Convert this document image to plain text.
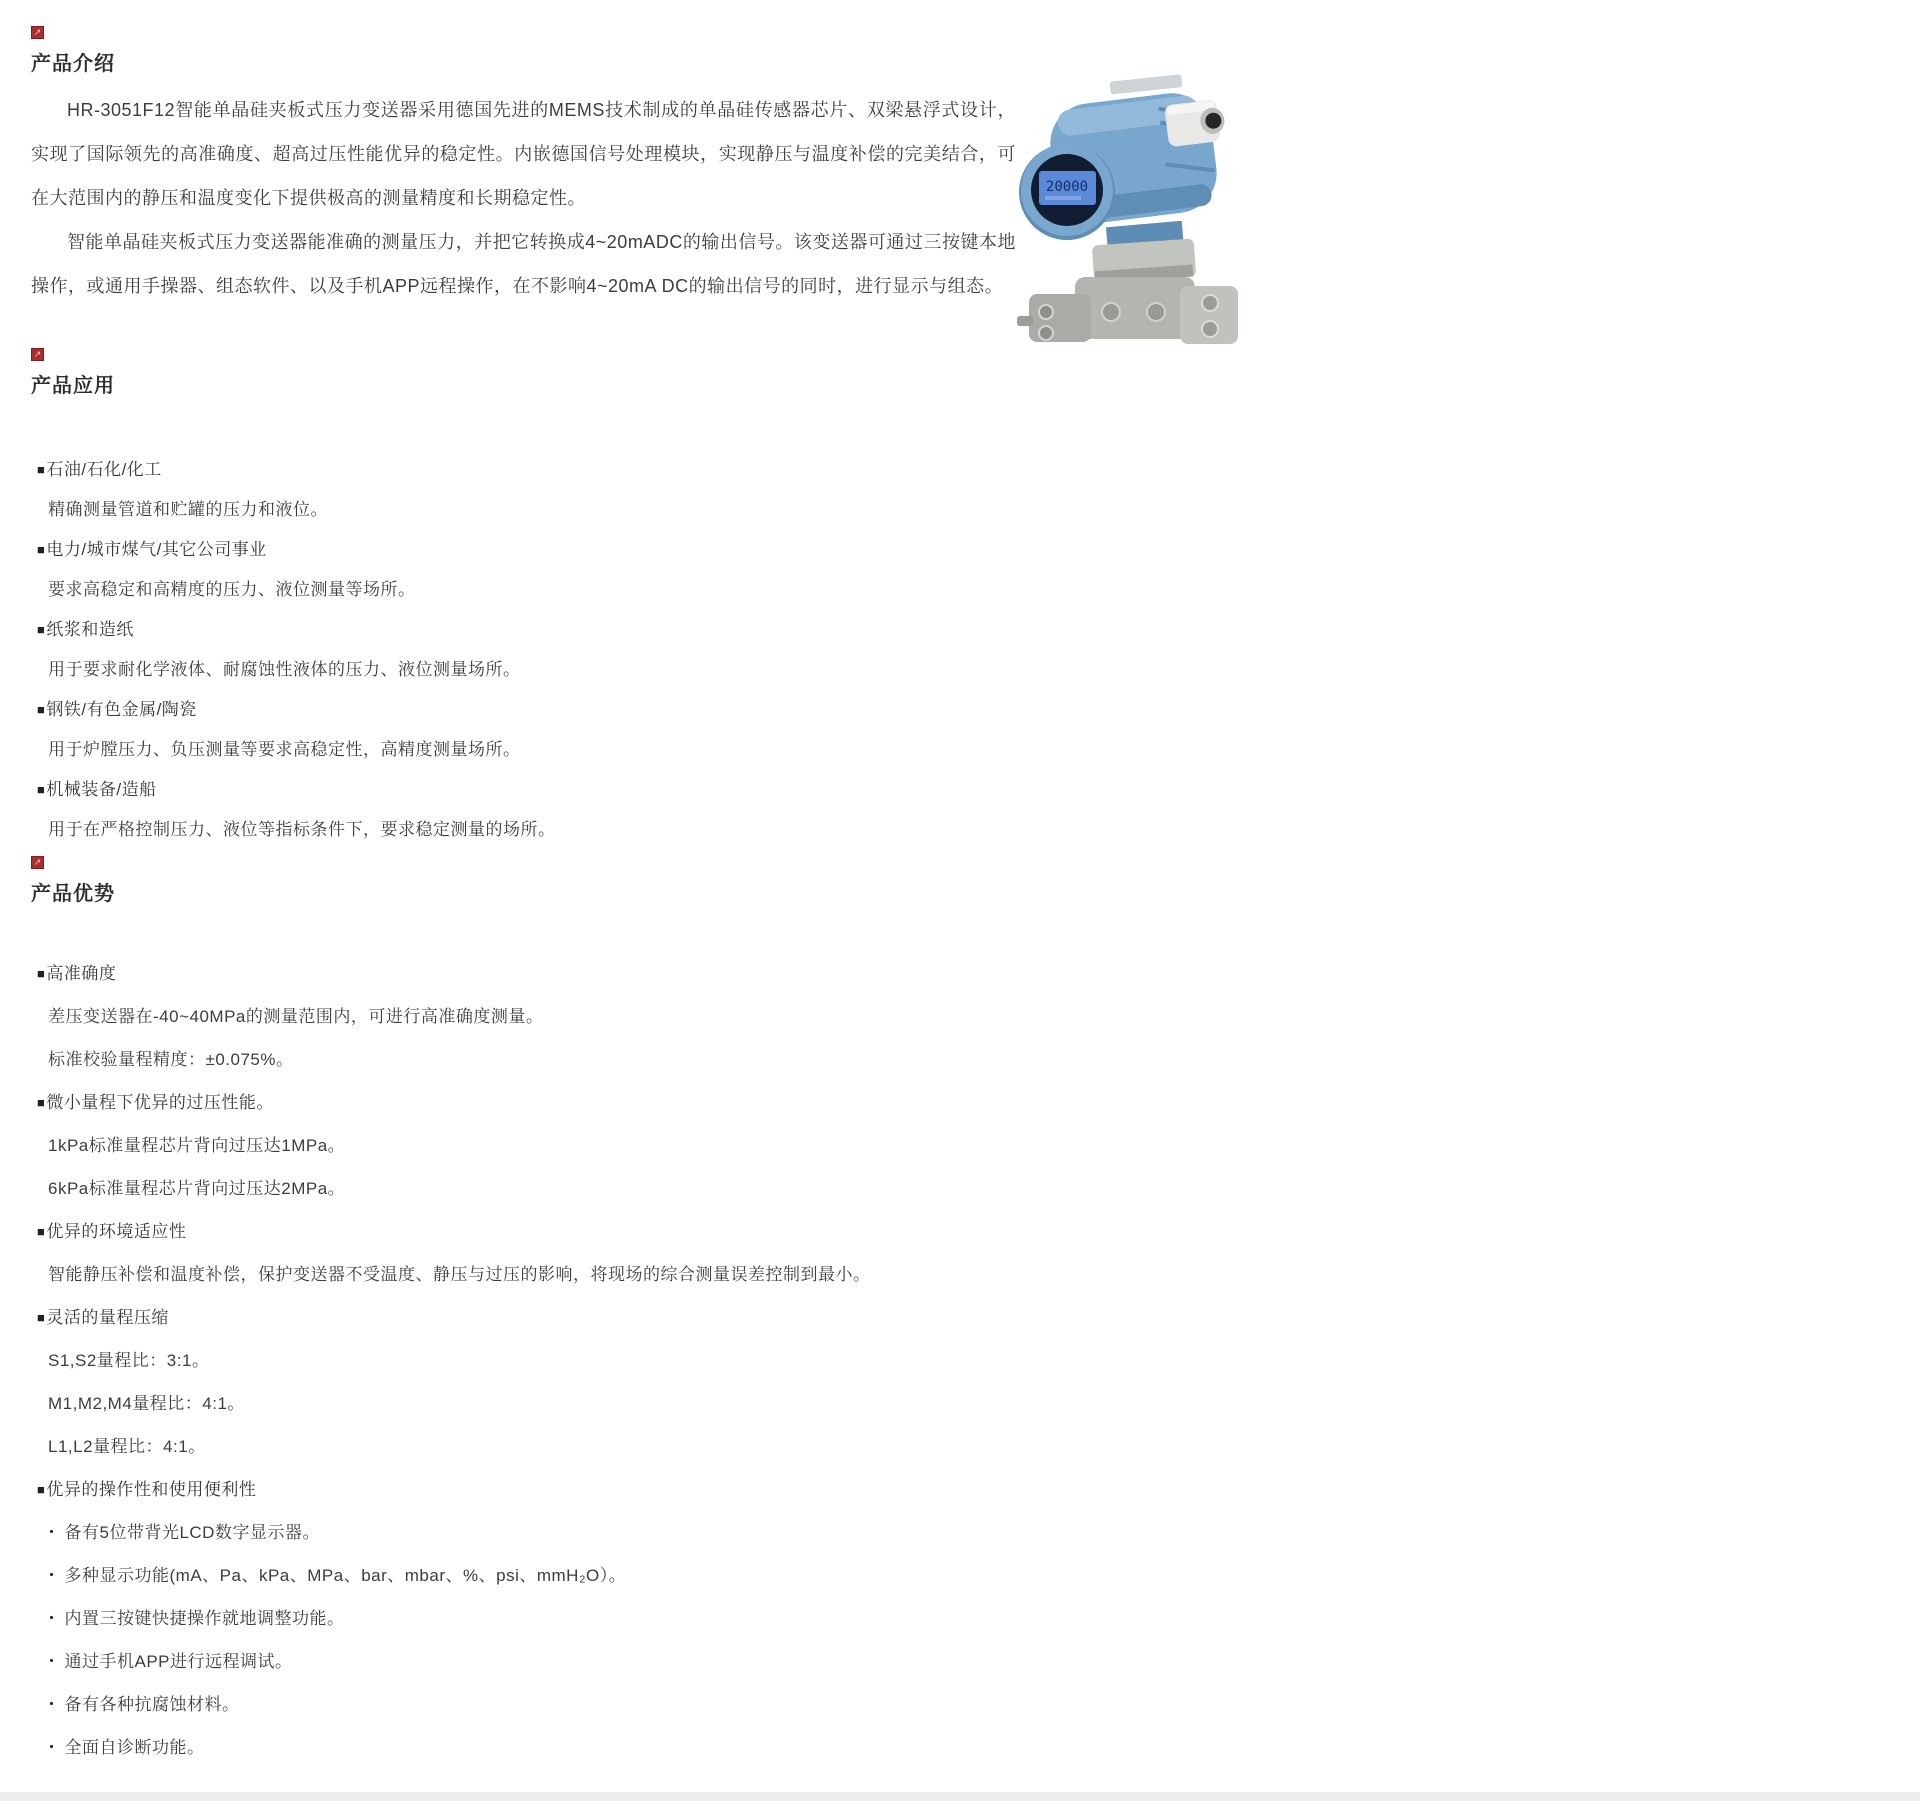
↗
产品介绍

HR-3051F12智能单晶硅夹板式压力变送器采用德国先进的MEMS技术制成的单晶硅传感器芯片、双梁悬浮式设计，实现了国际领先的高准确度、超高过压性能优异的稳定性。内嵌德国信号处理模块，实现静压与温度补偿的完美结合，可在大范围内的静压和温度变化下提供极高的测量精度和长期稳定性。

智能单晶硅夹板式压力变送器能准确的测量压力，并把它转换成4~20mADC的输出信号。该变送器可通过三按键本地操作，或通用手操器、组态软件、以及手机APP远程操作，在不影响4~20mA DC的输出信号的同时，进行显示与组态。

↗
产品应用
■石油/石化/化工
精确测量管道和贮罐的压力和液位。
■电力/城市煤气/其它公司事业
要求高稳定和高精度的压力、液位测量等场所。
■纸浆和造纸
用于要求耐化学液体、耐腐蚀性液体的压力、液位测量场所。
■钢铁/有色金属/陶瓷
用于炉膛压力、负压测量等要求高稳定性，高精度测量场所。
■机械装备/造船
用于在严格控制压力、液位等指标条件下，要求稳定测量的场所。
↗
产品优势
■高准确度
差压变送器在-40~40MPa的测量范围内，可进行高准确度测量。
标准校验量程精度：±0.075%。
■微小量程下优异的过压性能。
1kPa标准量程芯片背向过压达1MPa。
6kPa标准量程芯片背向过压达2MPa。
■优异的环境适应性
智能静压补偿和温度补偿，保护变送器不受温度、静压与过压的影响，将现场的综合测量误差控制到最小。
■灵活的量程压缩
S1,S2量程比：3:1。
M1,M2,M4量程比：4:1。
L1,L2量程比：4:1。
■优异的操作性和使用便利性
・ 备有5位带背光LCD数字显示器。
・ 多种显示功能(mA、Pa、kPa、MPa、bar、mbar、%、psi、mmH₂O）。
・ 内置三按键快捷操作就地调整功能。
・ 通过手机APP进行远程调试。
・ 备有各种抗腐蚀材料。
・ 全面自诊断功能。
20000
